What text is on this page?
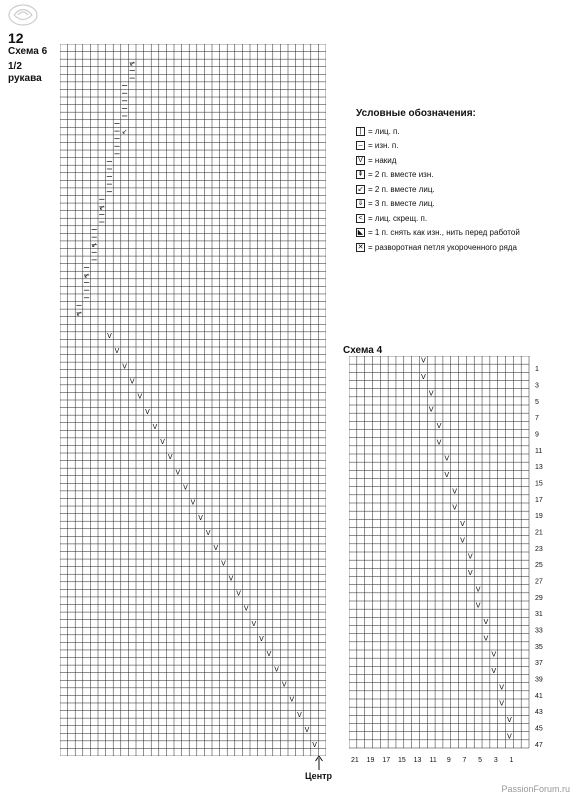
12
Схема 6
1/2
рукава
V
V
V
V
V
V
V
V
V
V
V
V
V
V
V
V
V
V
V
V
V
V
V
V
V
V
V
V
↙
↙
↙
↙
↙
↙
Центр
Условные обозначения:
| = лиц. п.
– = изн. п.
V = накид
⇞ = 2 п. вместе изн.
↙ = 2 п. вместе лиц.
⇓ = 3 п. вместе лиц.
< = лиц. скрещ. п.
◣ = 1 п. снять как изн., нить перед работой
✕ = разворотная петля укороченного ряда
Схема 4
V
V
V
V
V
V
V
V
V
V
V
V
V
V
V
V
V
V
V
V
V
V
V
V
47
45
43
41
39
37
35
33
31
29
27
25
23
21
19
17
15
13
11
9
7
5
3
1
21 19 17 15 13 11 9 7 5 3 1
PassionForum.ru
